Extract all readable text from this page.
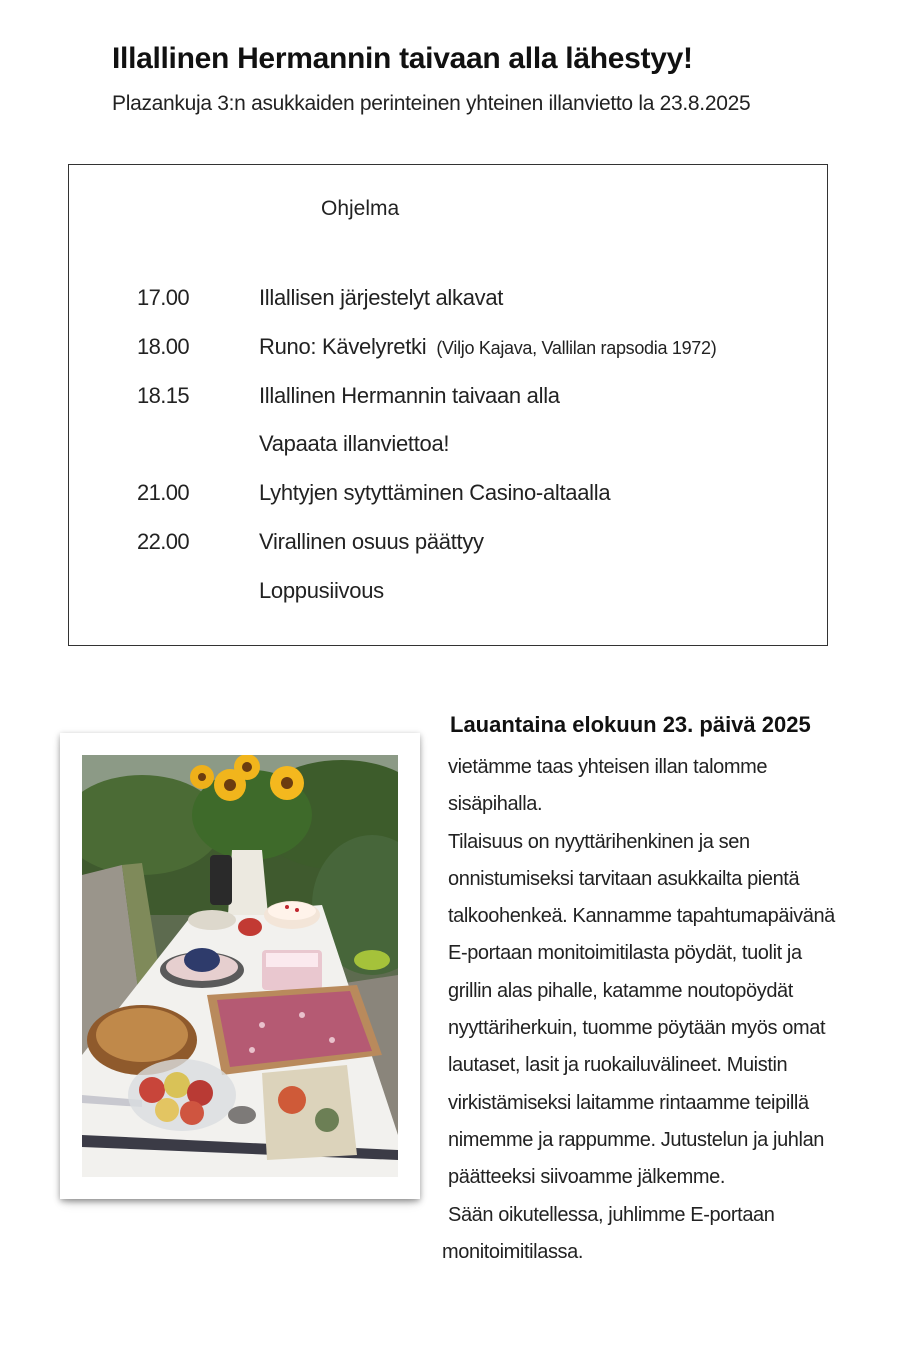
Illallinen Hermannin taivaan alla lähestyy!
Plazankuja 3:n asukkaiden perinteinen yhteinen illanvietto la 23.8.2025
Ohjelma
17.00	Illallisen järjestelyt alkavat
18.00	Runo: Kävelyretki (Viljo Kajava, Vallilan rapsodia 1972)
18.15	Illallinen Hermannin taivaan alla
Vapaata illanviettoa!
21.00	Lyhtyjen sytyttäminen Casino-altaalla
22.00	Virallinen osuus päättyy
Loppusiivous
Lauantaina elokuun 23. päivä 2025
vietämme taas yhteisen illan talomme
sisäpihalla.
Tilaisuus on nyyttärihenkinen ja sen
onnistumiseksi tarvitaan asukkailta pientä
talkoohenkeä. Kannamme tapahtumapäivänä
E-portaan monitoimitilasta pöydät, tuolit ja
grillin alas pihalle, katamme noutopöydät
nyyttäriherkuin, tuomme pöytään myös omat
lautaset, lasit ja ruokailuvälineet. Muistin
virkistämiseksi laitamme rintaamme teipillä
nimemme ja rappumme. Jutustelun ja juhlan
päätteeksi siivoamme jälkemme.
Sään oikutellessa, juhlimme E-portaan
monitoimitilassa.
